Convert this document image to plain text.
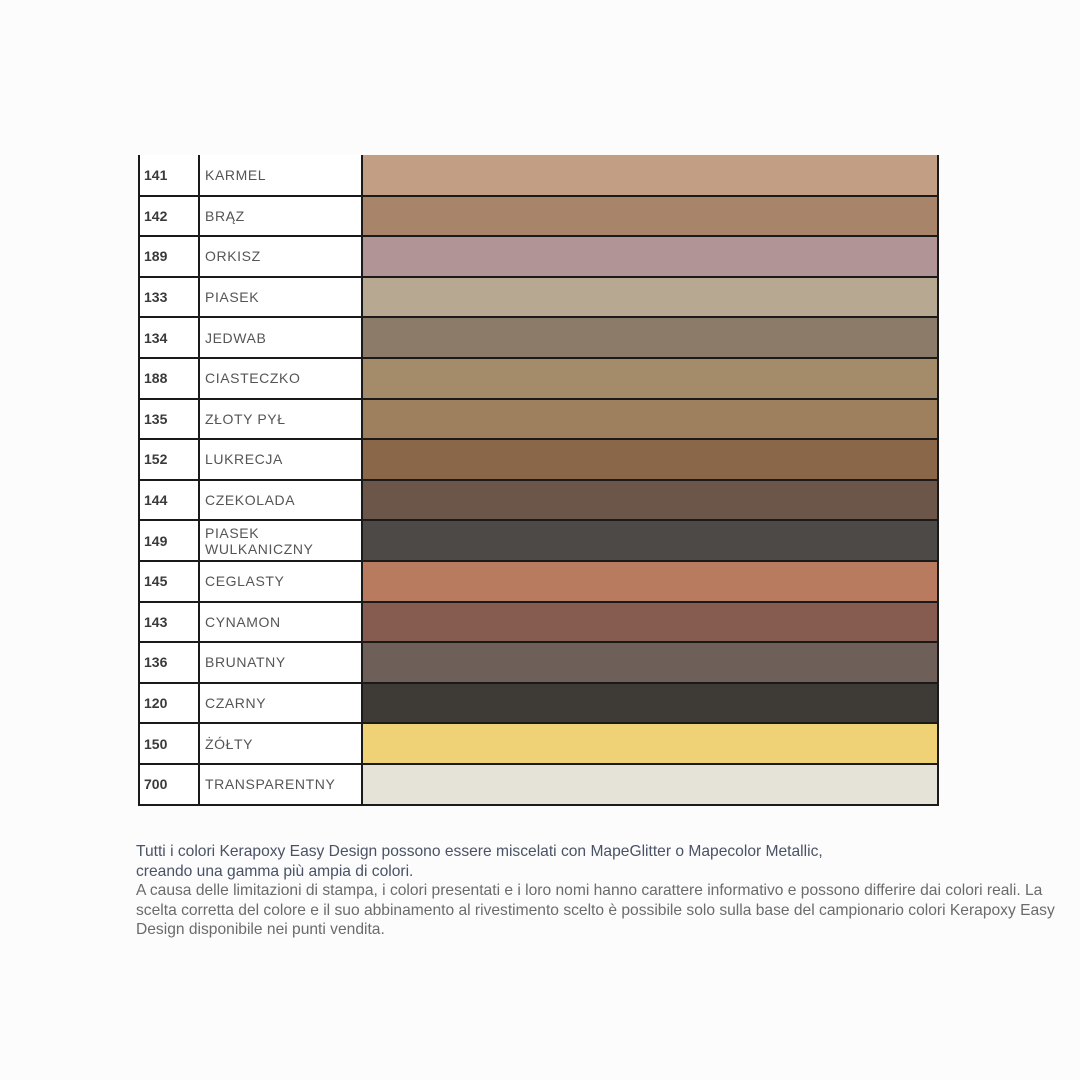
141	KARMEL	
142	BRĄZ	
189	ORKISZ	
133	PIASEK	
134	JEDWAB	
188	CIASTECZKO	
135	ZŁOTY PYŁ	
152	LUKRECJA	
144	CZEKOLADA	
149	PIASEK WULKANICZNY	
145	CEGLASTY	
143	CYNAMON	
136	BRUNATNY	
120	CZARNY	
150	ŻÓŁTY	
700	TRANSPARENTNY	

Tutti i colori Kerapoxy Easy Design possono essere miscelati con MapeGlitter o Mapecolor Metallic, creando una gamma più ampia di colori.
A causa delle limitazioni di stampa, i colori presentati e i loro nomi hanno carattere informativo e possono differire dai colori reali. La scelta corretta del colore e il suo abbinamento al rivestimento scelto è possibile solo sulla base del campionario colori Kerapoxy Easy Design disponibile nei punti vendita.
